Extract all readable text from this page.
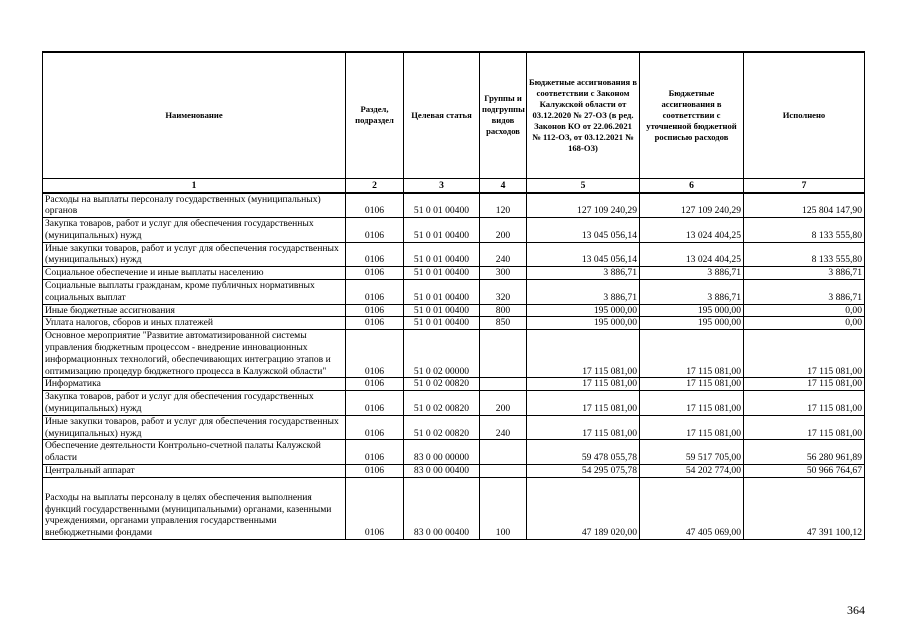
Наименование	Раздел, подраздел	Целевая статья	Группы и подгруппы видов расходов	Бюджетные ассигнования в соответствии с Законом Калужской области от 03.12.2020 № 27-ОЗ (в ред. Законов КО от 22.06.2021 № 112-ОЗ, от 03.12.2021 № 168-ОЗ)	Бюджетные ассигнования в соответствии с уточненной бюджетной росписью расходов	Исполнено
1	2	3	4	5	6	7
Расходы на выплаты персоналу государственных (муниципальных) органов	0106	51 0 01 00400	120	127 109 240,29	127 109 240,29	125 804 147,90
Закупка товаров, работ и услуг для обеспечения государственных (муниципальных) нужд	0106	51 0 01 00400	200	13 045 056,14	13 024 404,25	8 133 555,80
Иные закупки товаров, работ и услуг для обеспечения государственных (муниципальных) нужд	0106	51 0 01 00400	240	13 045 056,14	13 024 404,25	8 133 555,80
Социальное обеспечение и иные выплаты населению	0106	51 0 01 00400	300	3 886,71	3 886,71	3 886,71
Социальные выплаты гражданам, кроме публичных нормативных социальных выплат	0106	51 0 01 00400	320	3 886,71	3 886,71	3 886,71
Иные бюджетные ассигнования	0106	51 0 01 00400	800	195 000,00	195 000,00	0,00
Уплата налогов, сборов и иных платежей	0106	51 0 01 00400	850	195 000,00	195 000,00	0,00
Основное мероприятие "Развитие автоматизированной системы управления бюджетным процессом - внедрение инновационных информационных технологий, обеспечивающих интеграцию этапов и оптимизацию процедур бюджетного процесса в Калужской области"	0106	51 0 02 00000		17 115 081,00	17 115 081,00	17 115 081,00
Информатика	0106	51 0 02 00820		17 115 081,00	17 115 081,00	17 115 081,00
Закупка товаров, работ и услуг для обеспечения государственных (муниципальных) нужд	0106	51 0 02 00820	200	17 115 081,00	17 115 081,00	17 115 081,00
Иные закупки товаров, работ и услуг для обеспечения государственных (муниципальных) нужд	0106	51 0 02 00820	240	17 115 081,00	17 115 081,00	17 115 081,00
Обеспечение деятельности Контрольно-счетной палаты Калужской области	0106	83 0 00 00000		59 478 055,78	59 517 705,00	56 280 961,89
Центральный аппарат	0106	83 0 00 00400		54 295 075,78	54 202 774,00	50 966 764,67
Расходы на выплаты персоналу в целях обеспечения выполнения функций государственными (муниципальными) органами, казенными учреждениями, органами управления государственными внебюджетными фондами	0106	83 0 00 00400	100	47 189 020,00	47 405 069,00	47 391 100,12
364
